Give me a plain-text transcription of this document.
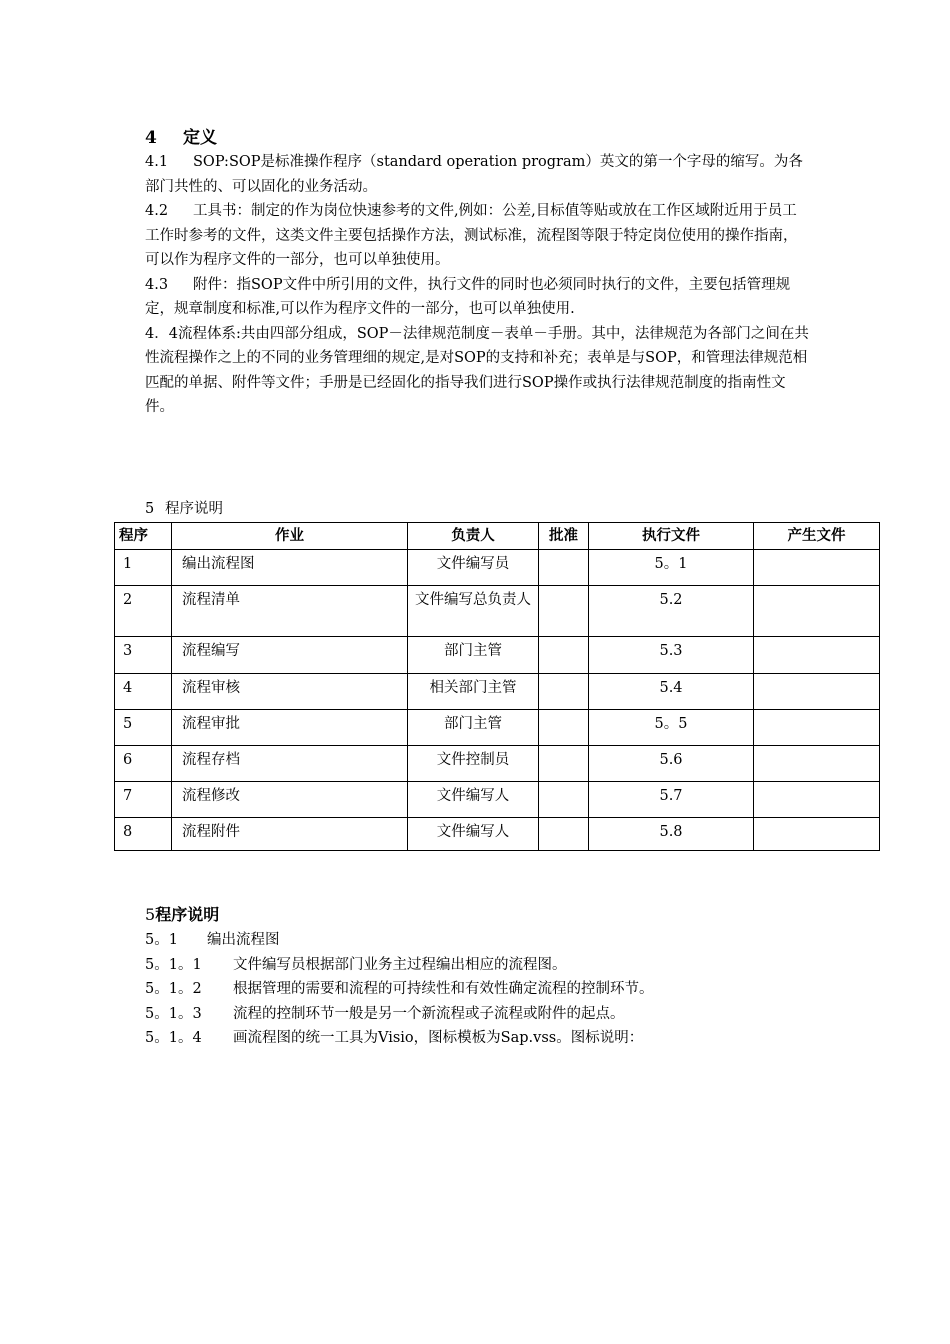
4 定义

4.1 SOP:SOP是标准操作程序（standard operation program）英文的第一个字母的缩写。为各部门共性的、可以固化的业务活动。

4.2 工具书：制定的作为岗位快速参考的文件,例如：公差,目标值等贴或放在工作区域附近用于员工工作时参考的文件，这类文件主要包括操作方法，测试标准，流程图等限于特定岗位使用的操作指南，可以作为程序文件的一部分，也可以单独使用。

4.3 附件：指SOP文件中所引用的文件，执行文件的同时也必须同时执行的文件，主要包括管理规定，规章制度和标准,可以作为程序文件的一部分，也可以单独使用.

4．4流程体系:共由四部分组成，SOP－法律规范制度－表单－手册。其中，法律规范为各部门之间在共性流程操作之上的不同的业务管理细的规定,是对SOP的支持和补充；表单是与SOP，和管理法律规范相匹配的单据、附件等文件；手册是已经固化的指导我们进行SOP操作或执行法律规范制度的指南性文件。

5 程序说明
程序	作业	负责人	批准	执行文件	产生文件
1	编出流程图	文件编写员		5。1	
2	流程清单	文件编写总负责人		5.2	
3	流程编写	部门主管		5.3	
4	流程审核	相关部门主管		5.4	
5	流程审批	部门主管		5。5	
6	流程存档	文件控制员		5.6	
7	流程修改	文件编写人		5.7	
8	流程附件	文件编写人		5.8	
5程序说明

5。1 编出流程图

5。1。1 文件编写员根据部门业务主过程编出相应的流程图。

5。1。2 根据管理的需要和流程的可持续性和有效性确定流程的控制环节。

5。1。3 流程的控制环节一般是另一个新流程或子流程或附件的起点。

5。1。4 画流程图的统一工具为Visio，图标模板为Sap.vss。图标说明：
